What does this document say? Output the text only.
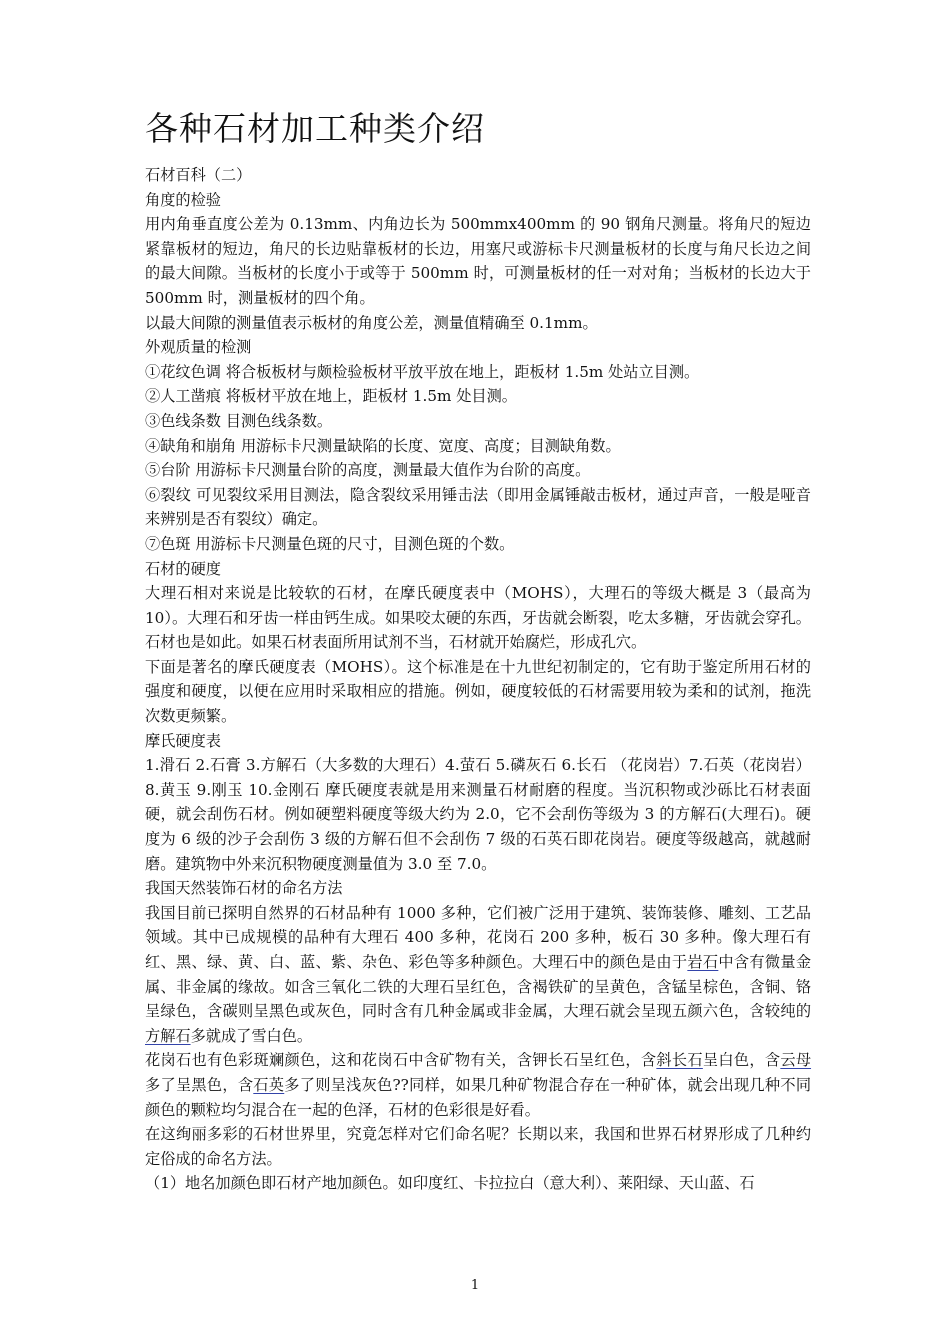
各种石材加工种类介绍

石材百科（二）

角度的检验

用内角垂直度公差为 0.13mm、内角边长为 500mmx400mm 的 90 钢角尺测量。将角尺的短边紧靠板材的短边，角尺的长边贴靠板材的长边，用塞尺或游标卡尺测量板材的长度与角尺长边之间的最大间隙。当板材的长度小于或等于 500mm 时，可测量板材的任一对对角；当板材的长边大于 500mm 时，测量板材的四个角。

以最大间隙的测量值表示板材的角度公差，测量值精确至 0.1mm。

外观质量的检测

①花纹色调 将合板板材与颇检验板材平放平放在地上，距板材 1.5m 处站立目测。

②人工凿痕 将板材平放在地上，距板材 1.5m 处目测。

③色线条数 目测色线条数。

④缺角和崩角 用游标卡尺测量缺陷的长度、宽度、高度；目测缺角数。

⑤台阶 用游标卡尺测量台阶的高度，测量最大值作为台阶的高度。

⑥裂纹 可见裂纹采用目测法，隐含裂纹采用锤击法（即用金属锤敲击板材，通过声音，一般是哑音来辨别是否有裂纹）确定。

⑦色斑 用游标卡尺测量色斑的尺寸，目测色斑的个数。

石材的硬度

大理石相对来说是比较软的石材，在摩氏硬度表中（MOHS），大理石的等级大概是 3（最高为 10）。大理石和牙齿一样由钙生成。如果咬太硬的东西，牙齿就会断裂，吃太多糖，牙齿就会穿孔。石材也是如此。如果石材表面所用试剂不当，石材就开始腐烂，形成孔穴。

下面是著名的摩氏硬度表（MOHS）。这个标准是在十九世纪初制定的，它有助于鉴定所用石材的强度和硬度，以便在应用时采取相应的措施。例如，硬度较低的石材需要用较为柔和的试剂，拖洗次数更频繁。

摩氏硬度表

1.滑石 2.石膏 3.方解石（大多数的大理石）4.萤石 5.磷灰石 6.长石 （花岗岩）7.石英（花岗岩）8.黄玉 9.刚玉 10.金刚石 摩氏硬度表就是用来测量石材耐磨的程度。当沉积物或沙砾比石材表面硬，就会刮伤石材。例如硬塑料硬度等级大约为 2.0，它不会刮伤等级为 3 的方解石(大理石)。硬度为 6 级的沙子会刮伤 3 级的方解石但不会刮伤 7 级的石英石即花岗岩。硬度等级越高，就越耐磨。建筑物中外来沉积物硬度测量值为 3.0 至 7.0。

我国天然装饰石材的命名方法

我国目前已探明自然界的石材品种有 1000 多种，它们被广泛用于建筑、装饰装修、雕刻、工艺品领域。其中已成规模的品种有大理石 400 多种，花岗石 200 多种，板石 30 多种。像大理石有红、黑、绿、黄、白、蓝、紫、杂色、彩色等多种颜色。大理石中的颜色是由于岩石中含有微量金属、非金属的缘故。如含三氧化二铁的大理石呈红色，含褐铁矿的呈黄色，含锰呈棕色，含铜、铬呈绿色，含碳则呈黑色或灰色，同时含有几种金属或非金属，大理石就会呈现五颜六色，含较纯的方解石多就成了雪白色。

花岗石也有色彩斑斓颜色，这和花岗石中含矿物有关，含钾长石呈红色，含斜长石呈白色，含云母多了呈黑色，含石英多了则呈浅灰色??同样，如果几种矿物混合存在一种矿体，就会出现几种不同颜色的颗粒均匀混合在一起的色泽，石材的色彩很是好看。

在这绚丽多彩的石材世界里，究竟怎样对它们命名呢？长期以来，我国和世界石材界形成了几种约定俗成的命名方法。

（1）地名加颜色即石材产地加颜色。如印度红、卡拉拉白（意大利）、莱阳绿、天山蓝、石

1
